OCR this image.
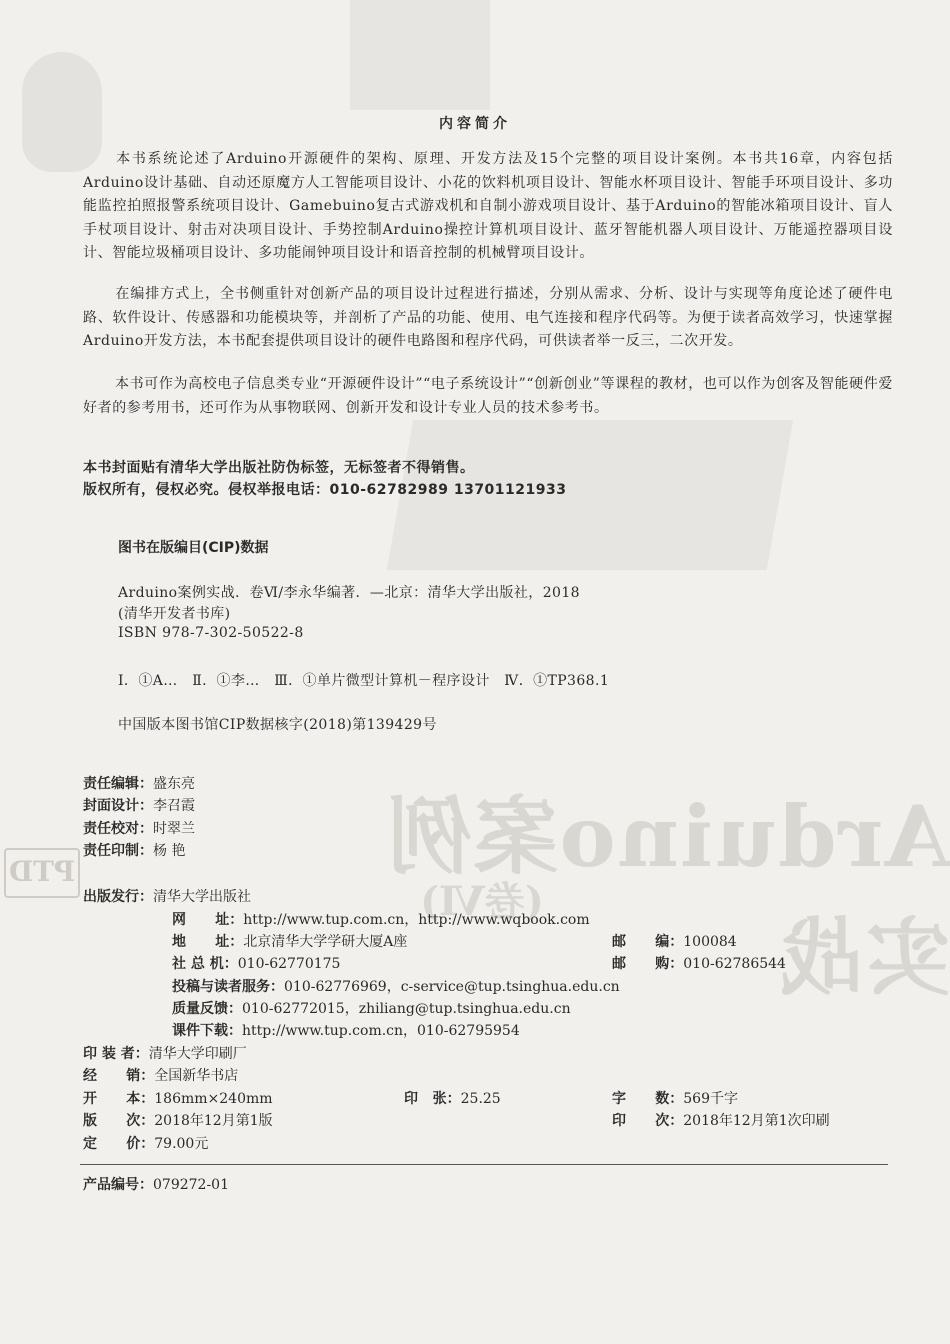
Arduino案例实战
(卷Ⅵ)
PTD
内容简介

本书系统论述了Arduino开源硬件的架构、原理、开发方法及15个完整的项目设计案例。本书共16章，内容包括Arduino设计基础、自动还原魔方人工智能项目设计、小花的饮料机项目设计、智能水杯项目设计、智能手环项目设计、多功能监控拍照报警系统项目设计、Gamebuino复古式游戏机和自制小游戏项目设计、基于Arduino的智能冰箱项目设计、盲人手杖项目设计、射击对决项目设计、手势控制Arduino操控计算机项目设计、蓝牙智能机器人项目设计、万能遥控器项目设计、智能垃圾桶项目设计、多功能闹钟项目设计和语音控制的机械臂项目设计。

在编排方式上，全书侧重针对创新产品的项目设计过程进行描述，分别从需求、分析、设计与实现等角度论述了硬件电路、软件设计、传感器和功能模块等，并剖析了产品的功能、使用、电气连接和程序代码等。为便于读者高效学习，快速掌握Arduino开发方法，本书配套提供项目设计的硬件电路图和程序代码，可供读者举一反三，二次开发。

本书可作为高校电子信息类专业“开源硬件设计”“电子系统设计”“创新创业”等课程的教材，也可以作为创客及智能硬件爱好者的参考用书，还可作为从事物联网、创新开发和设计专业人员的技术参考书。

本书封面贴有清华大学出版社防伪标签，无标签者不得销售。

版权所有，侵权必究。侵权举报电话：010-62782989 13701121933

图书在版编目(CIP)数据

Arduino案例实战．卷Ⅵ/李永华编著．—北京：清华大学出版社，2018

(清华开发者书库)

ISBN 978-7-302-50522-8

Ⅰ．①A…   Ⅱ．①李…   Ⅲ．①单片微型计算机－程序设计   Ⅳ．①TP368.1

中国版本图书馆CIP数据核字(2018)第139429号

责任编辑：盛东亮

封面设计：李召霞

责任校对：时翠兰

责任印制：杨 艳

出版发行：清华大学出版社

网      址：http://www.tup.com.cn，http://www.wqbook.com

地      址：北京清华大学学研大厦A座	邮      编：100084

社 总 机：010-62770175	邮      购：010-62786544

投稿与读者服务：010-62776969，c-service@tup.tsinghua.edu.cn

质量反馈：010-62772015，zhiliang@tup.tsinghua.edu.cn

课件下载：http://www.tup.com.cn，010-62795954

印 装 者：清华大学印刷厂

经      销：全国新华书店

开      本：186mm×240mm	印   张：25.25	字      数：569千字

版      次：2018年12月第1版	印      次：2018年12月第1次印刷

定      价：79.00元

产品编号：079272-01
